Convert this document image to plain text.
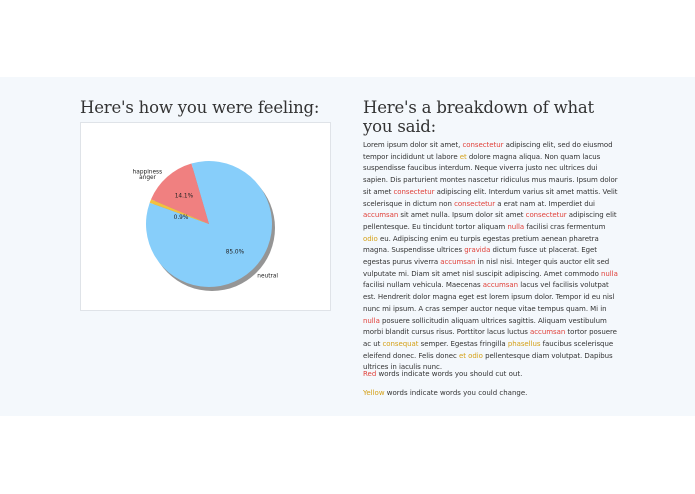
Here's how you were feeling:
85.0%
neutral
14.1%
happiness
0.9%
anger
Here's a breakdown of what you said:
Lorem ipsum dolor sit amet, consectetur adipiscing elit, sed do eiusmod tempor incididunt ut labore et dolore magna aliqua. Non quam lacus suspendisse faucibus interdum. Neque viverra justo nec ultrices dui sapien. Dis parturient montes nascetur ridiculus mus mauris. Ipsum dolor sit amet consectetur adipiscing elit. Interdum varius sit amet mattis. Velit scelerisque in dictum non consectetur a erat nam at. Imperdiet dui accumsan sit amet nulla. Ipsum dolor sit amet consectetur adipiscing elit pellentesque. Eu tincidunt tortor aliquam nulla facilisi cras fermentum odio eu. Adipiscing enim eu turpis egestas pretium aenean pharetra magna. Suspendisse ultrices gravida dictum fusce ut placerat. Eget egestas purus viverra accumsan in nisl nisi. Integer quis auctor elit sed vulputate mi. Diam sit amet nisl suscipit adipiscing. Amet commodo nulla facilisi nullam vehicula. Maecenas accumsan lacus vel facilisis volutpat est. Hendrerit dolor magna eget est lorem ipsum dolor. Tempor id eu nisl nunc mi ipsum. A cras semper auctor neque vitae tempus quam. Mi in nulla posuere sollicitudin aliquam ultrices sagittis. Aliquam vestibulum morbi blandit cursus risus. Porttitor lacus luctus accumsan tortor posuere ac ut consequat semper. Egestas fringilla phasellus faucibus scelerisque eleifend donec. Felis donec et odio pellentesque diam volutpat. Dapibus ultrices in iaculis nunc.
Red words indicate words you should cut out.
Yellow words indicate words you could change.
